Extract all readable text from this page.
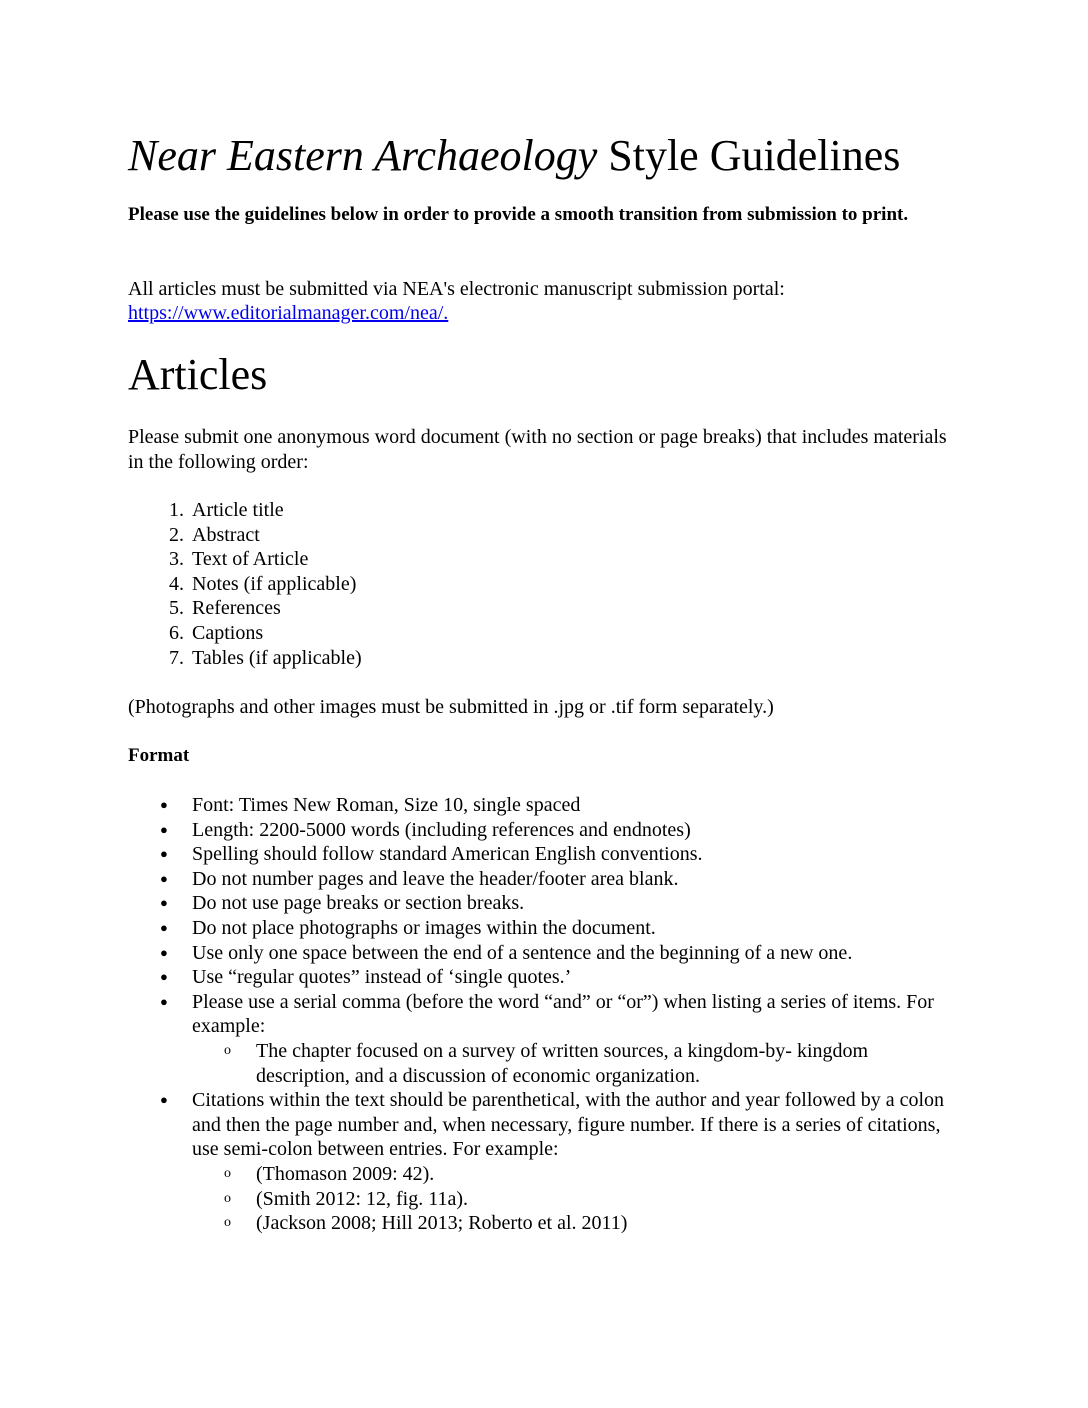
Near Eastern Archaeology Style Guidelines

Please use the guidelines below in order to provide a smooth transition from submission to print.

All articles must be submitted via NEA's electronic manuscript submission portal: https://www.editorialmanager.com/nea/.

Articles

Please submit one anonymous word document (with no section or page breaks) that includes materials in the following order:

1. Article title
2. Abstract
3. Text of Article
4. Notes (if applicable)
5. References
6. Captions
7. Tables (if applicable)

(Photographs and other images must be submitted in .jpg or .tif form separately.)

Format
● Font: Times New Roman, Size 10, single spaced
● Length: 2200-5000 words (including references and endnotes)
● Spelling should follow standard American English conventions.
● Do not number pages and leave the header/footer area blank.
● Do not use page breaks or section breaks.
● Do not place photographs or images within the document.
● Use only one space between the end of a sentence and the beginning of a new one.
● Use “regular quotes” instead of ‘single quotes.’
● Please use a serial comma (before the word “and” or “or”) when listing a series of items. For example:
o The chapter focused on a survey of written sources, a kingdom-by- kingdom description, and a discussion of economic organization.
● Citations within the text should be parenthetical, with the author and year followed by a colon and then the page number and, when necessary, figure number. If there is a series of citations, use semi-colon between entries. For example:
o (Thomason 2009: 42).
o (Smith 2012: 12, fig. 11a).
o (Jackson 2008; Hill 2013; Roberto et al. 2011)
